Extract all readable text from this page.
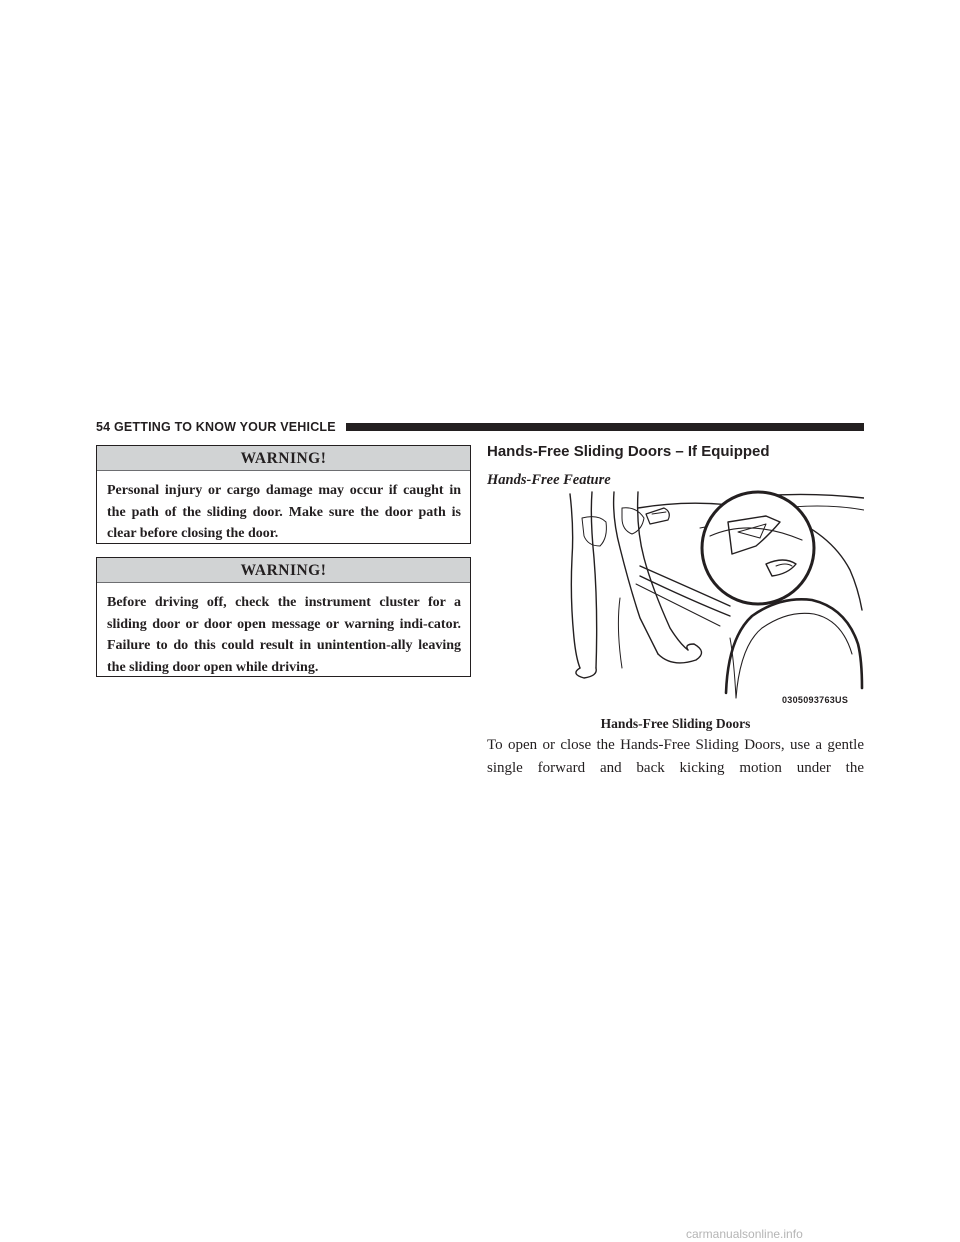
54 GETTING TO KNOW YOUR VEHICLE
WARNING!
Personal injury or cargo damage may occur if caught in the path of the sliding door. Make sure the door path is clear before closing the door.
WARNING!
Before driving off, check the instrument cluster for a sliding door or door open message or warning indi-cator. Failure to do this could result in unintention-ally leaving the sliding door open while driving.
Hands-Free Sliding Doors – If Equipped
Hands-Free Feature
0305093763US
Hands-Free Sliding Doors
To open or close the Hands-Free Sliding Doors, use a gentle single forward and back kicking motion under the
carmanualsonline.info
